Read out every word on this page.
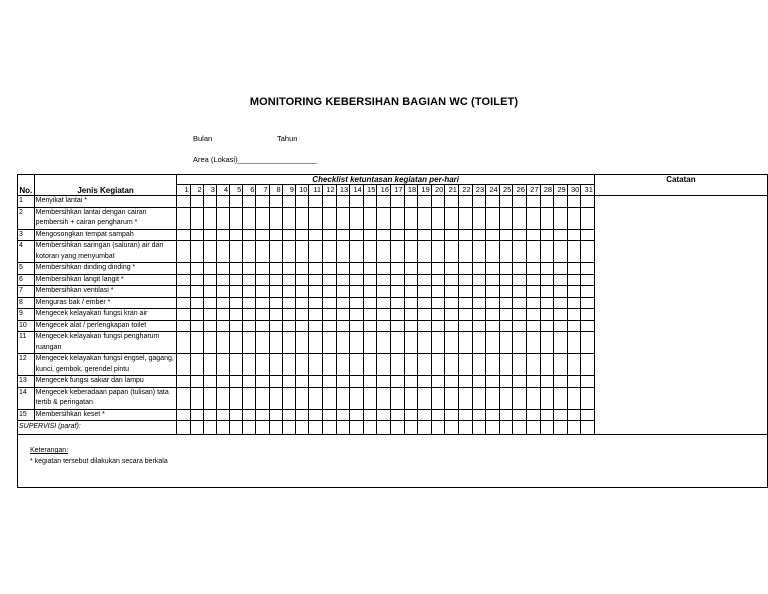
MONITORING KEBERSIHAN BAGIAN WC (TOILET)
Bulan	Tahun
Area (Lokasi)___________________
No.	Jenis Kegiatan	Checklist ketuntasan kegiatan per-hari																															Catatan
		1	2	3	4	5	6	7	8	9	10	11	12	13	14	15	16	17	18	19	20	21	22	23	24	25	26	27	28	29	30	31	
1	Menyikat lantai *																																
2	Membersihkan lantai dengan cairan pembersih + cairan pengharum *																																
3	Mengosongkan tempat sampah																																
4	Membersihkan saringan (saluran) air dari kotoran yang menyumbat																																
5	Membersihkan dinding dinding *																																
6	Membersihkan langit langit *																																
7	Membersihkan ventilasi *																																
8	Menguras bak / ember *																																
9	Mengecek kelayakan fungsi kran air																																
10	Mengecek alat / perlengkapan toilet																																
11	Mengecek kelayakan fungsi pengharum ruangan																																
12	Mengecek kelayakan fungsi engsel, gagang, kunci, gembok, gerendel pintu																																
13	Mengecek fungsi sakiar dan lampu																																
14	Mengecek keberadaan papan (tulisan) tata tertib & peringatan																																
15	Membersihkan keset *																																
SUPERVISI (paraf):																																	

Keterangan:
* kegiatan tersebut dilakukan secara berkala																																	
